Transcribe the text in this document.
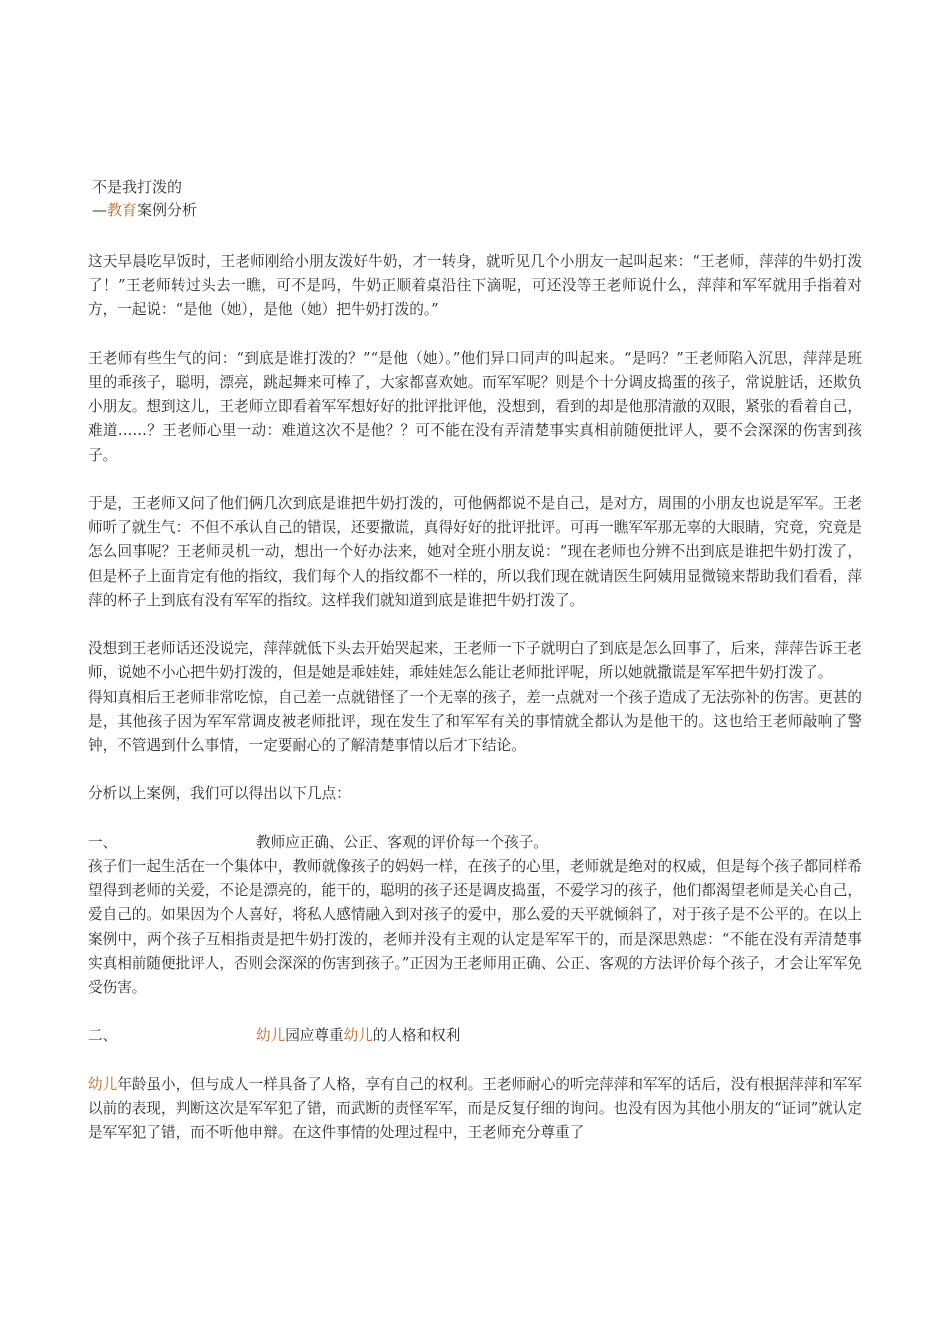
不是我打泼的
— 教育案例分析

这天早晨吃早饭时，王老师刚给小朋友泼好牛奶，才一转身，就听见几个小朋友一起叫起来：“王老师，萍萍的牛奶打泼了！”王老师转过头去一瞧，可不是吗，牛奶正顺着桌沿往下滴呢，可还没等王老师说什么，萍萍和军军就用手指着对方，一起说：“是他（她），是他（她）把牛奶打泼的。”

王老师有些生气的问：“到底是谁打泼的？”“是他（她）。”他们异口同声的叫起来。“是吗？”王老师陷入沉思，萍萍是班里的乖孩子，聪明，漂亮，跳起舞来可棒了，大家都喜欢她。而军军呢？则是个十分调皮捣蛋的孩子，常说脏话，还欺负小朋友。想到这儿，王老师立即看着军军想好好的批评批评他，没想到，看到的却是他那清澈的双眼，紧张的看着自己，难道……？王老师心里一动：难道这次不是他？？可不能在没有弄清楚事实真相前随便批评人，要不会深深的伤害到孩子。

于是，王老师又问了他们俩几次到底是谁把牛奶打泼的，可他俩都说不是自己，是对方，周围的小朋友也说是军军。王老师听了就生气：不但不承认自己的错误，还要撒谎，真得好好的批评批评。可再一瞧军军那无辜的大眼睛，究竟，究竟是怎么回事呢？王老师灵机一动，想出一个好办法来，她对全班小朋友说：“现在老师也分辨不出到底是谁把牛奶打泼了，但是杯子上面肯定有他的指纹，我们每个人的指纹都不一样的，所以我们现在就请医生阿姨用显微镜来帮助我们看看，萍萍的杯子上到底有没有军军的指纹。这样我们就知道到底是谁把牛奶打泼了。

没想到王老师话还没说完，萍萍就低下头去开始哭起来，王老师一下子就明白了到底是怎么回事了，后来，萍萍告诉王老师，说她不小心把牛奶打泼的，但是她是乖娃娃，乖娃娃怎么能让老师批评呢，所以她就撒谎是军军把牛奶打泼了。

得知真相后王老师非常吃惊，自己差一点就错怪了一个无辜的孩子，差一点就对一个孩子造成了无法弥补的伤害。更甚的是，其他孩子因为军军常调皮被老师批评，现在发生了和军军有关的事情就全都认为是他干的。这也给王老师敲响了警钟，不管遇到什么事情，一定要耐心的了解清楚事情以后才下结论。

分析以上案例，我们可以得出以下几点：

一、	教师应正确、公正、客观的评价每一个孩子。

孩子们一起生活在一个集体中，教师就像孩子的妈妈一样，在孩子的心里，老师就是绝对的权威，但是每个孩子都同样希望得到老师的关爱，不论是漂亮的，能干的，聪明的孩子还是调皮捣蛋，不爱学习的孩子，他们都渴望老师是关心自己，爱自己的。如果因为个人喜好，将私人感情融入到对孩子的爱中，那么爱的天平就倾斜了，对于孩子是不公平的。在以上案例中，两个孩子互相指责是把牛奶打泼的，老师并没有主观的认定是军军干的，而是深思熟虑：“不能在没有弄清楚事实真相前随便批评人，否则会深深的伤害到孩子。”正因为王老师用正确、公正、客观的方法评价每个孩子，才会让军军免受伤害。

二、	幼儿园应尊重幼儿的人格和权利

幼儿年龄虽小，但与成人一样具备了人格，享有自己的权利。王老师耐心的听完萍萍和军军的话后，没有根据萍萍和军军以前的表现，判断这次是军军犯了错，而武断的责怪军军，而是反复仔细的询问。也没有因为其他小朋友的“证词”就认定是军军犯了错，而不听他申辩。在这件事情的处理过程中，王老师充分尊重了
